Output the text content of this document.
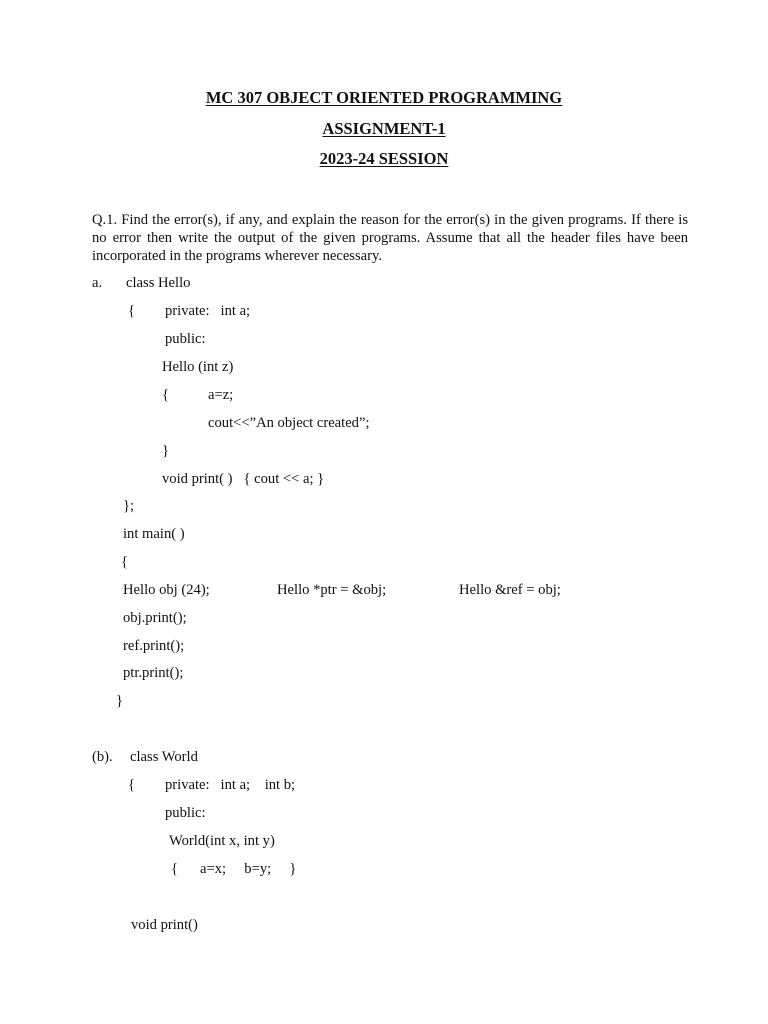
MC 307 OBJECT ORIENTED PROGRAMMING
ASSIGNMENT-1
2023-24 SESSION
Q.1. Find the error(s), if any, and explain the reason for the error(s) in the given programs. If there is no error then write the output of the given programs. Assume that all the header files have been incorporated in the programs wherever necessary.
a. class Hello
{ private:   int a;
public:
Hello (int z)
{	a=z;
cout<<”An object created”;
}
void print( )   { cout << a; }
};
int main( )
{
Hello obj (24);	Hello *ptr = &obj;	Hello &ref = obj;
obj.print();
ref.print();
ptr.print();
}
(b). class World
{ private:   int a;    int b;
public:
World(int x, int y)
{ a=x;     b=y;     }
void print()
